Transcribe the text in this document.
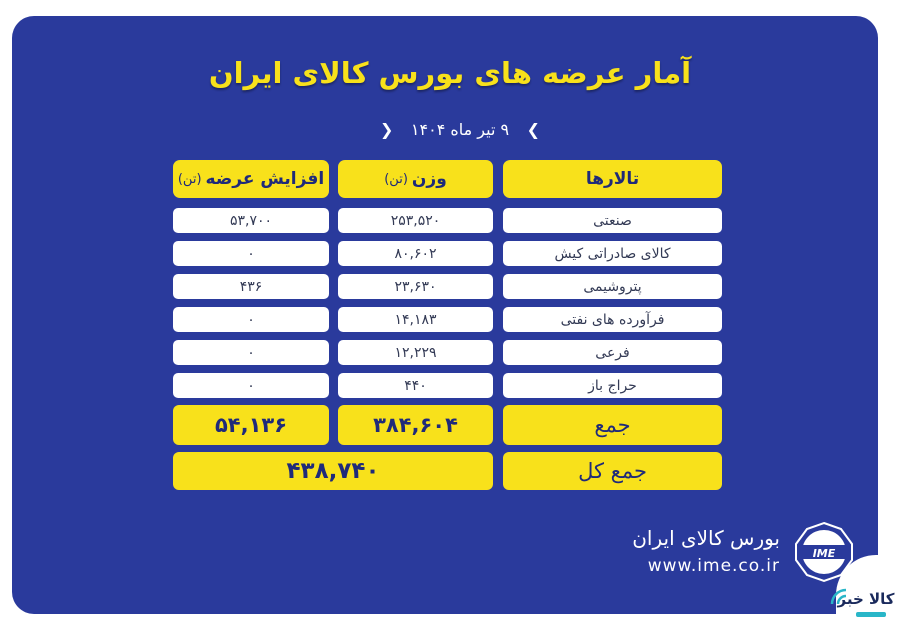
آمار عرضه های بورس کالای ایران
❯ ۹ تیر ماه ۱۴۰۴ ❮
تالارها
وزن
(تن)
افزایش عرضه
(تن)
صنعتی
۲۵۳,۵۲۰
۵۳,۷۰۰
کالای صادراتی کیش
۸۰,۶۰۲
۰
پتروشیمی
۲۳,۶۳۰
۴۳۶
فرآورده های نفتی
۱۴,۱۸۳
۰
فرعی
۱۲,۲۲۹
۰
حراج باز
۴۴۰
۰
جمع
۳۸۴,۶۰۴
۵۴,۱۳۶
جمع کل
۴۳۸,۷۴۰
بورس کالای ایران
www.ime.co.ir
IME
کالا خبر
